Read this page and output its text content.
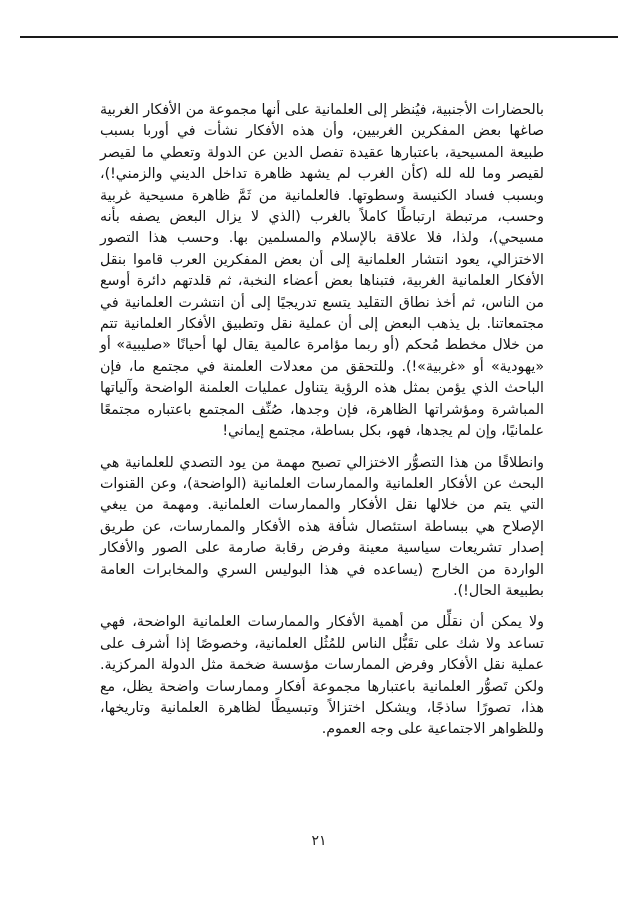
بالحضارات الأجنبية، فيُنظر إلى العلمانية على أنها مجموعة من الأفكار الغربية صاغها بعض المفكرين الغربيين، وأن هذه الأفكار نشأت في أوربا بسبب طبيعة المسيحية، باعتبارها عقيدة تفصل الدين عن الدولة وتعطي ما لقيصر لقيصر وما لله لله (كأن الغرب لم يشهد ظاهرة تداخل الديني والزمني!)، وبسبب فساد الكنيسة وسطوتها. فالعلمانية من ثَمَّ ظاهرة مسيحية غربية وحسب، مرتبطة ارتباطًا كاملاً بالغرب (الذي لا يزال البعض يصفه بأنه مسيحي)، ولذا، فلا علاقة بالإسلام والمسلمين بها. وحسب هذا التصور الاختزالي، يعود انتشار العلمانية إلى أن بعض المفكرين العرب قاموا بنقل الأفكار العلمانية الغربية، فتبناها بعض أعضاء النخبة، ثم قلدتهم دائرة أوسع من الناس، ثم أخذ نطاق التقليد يتسع تدريجيًا إلى أن انتشرت العلمانية في مجتمعاتنا. بل يذهب البعض إلى أن عملية نقل وتطبيق الأفكار العلمانية تتم من خلال مخطط مُحكم (أو ربما مؤامرة عالمية يقال لها أحيانًا «صليبية» أو «يهودية» أو «غربية»!). وللتحقق من معدلات العلمنة في مجتمع ما، فإن الباحث الذي يؤمن بمثل هذه الرؤية يتناول عمليات العلمنة الواضحة وآلياتها المباشرة ومؤشراتها الظاهرة، فإن وجدها، صُنِّف المجتمع باعتباره مجتمعًا علمانيًا، وإن لم يجدها، فهو، بكل بساطة، مجتمع إيماني!

وانطلاقًا من هذا التصوُّر الاختزالي تصبح مهمة من يود التصدي للعلمانية هي البحث عن الأفكار العلمانية والممارسات العلمانية (الواضحة)، وعن القنوات التي يتم من خلالها نقل الأفكار والممارسات العلمانية. ومهمة من يبغي الإصلاح هي ببساطة استئصال شأفة هذه الأفكار والممارسات، عن طريق إصدار تشريعات سياسية معينة وفرض رقابة صارمة على الصور والأفكار الواردة من الخارج (يساعده في هذا البوليس السري والمخابرات العامة بطبيعة الحال!).

ولا يمكن أن نقلِّل من أهمية الأفكار والممارسات العلمانية الواضحة، فهي تساعد ولا شك على تقَبُّل الناس للمُثُل العلمانية، وخصوصًا إذا أشرف على عملية نقل الأفكار وفرض الممارسات مؤسسة ضخمة مثل الدولة المركزية. ولكن تَصوُّر العلمانية باعتبارها مجموعة أفكار وممارسات واضحة يظل، مع هذا، تصورًا ساذجًا، ويشكل اختزالاً وتبسيطًا لظاهرة العلمانية وتاريخها، وللظواهر الاجتماعية على وجه العموم.

٢١
